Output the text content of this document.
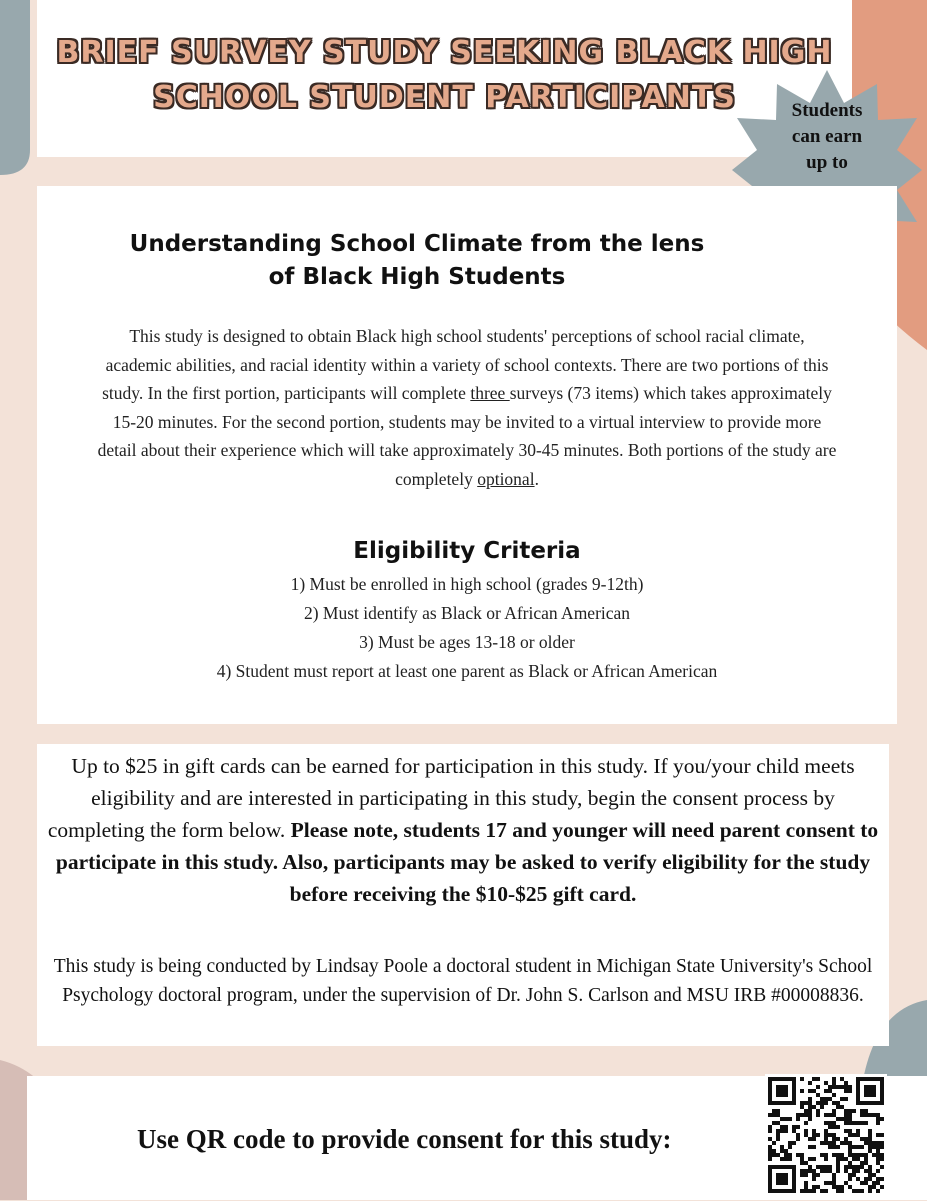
BRIEF SURVEY STUDY SEEKING BLACK HIGH
SCHOOL STUDENT PARTICIPANTS	Students
can earn
up to
Understanding School Climate from the lens
of Black High Students

This study is designed to obtain Black high school students' perceptions of school racial climate, academic abilities, and racial identity within a variety of school contexts. There are two portions of this study. In the first portion, participants will complete three surveys (73 items) which takes approximately 15-20 minutes. For the second portion, students may be invited to a virtual interview to provide more detail about their experience which will take approximately 30-45 minutes. Both portions of the study are completely optional.

Eligibility Criteria
1) Must be enrolled in high school (grades 9-12th)
2) Must identify as Black or African American
3) Must be ages 13-18 or older
4) Student must report at least one parent as Black or African American

Up to $25 in gift cards can be earned for participation in this study. If you/your child meets eligibility and are interested in participating in this study, begin the consent process by completing the form below. Please note, students 17 and younger will need parent consent to participate in this study. Also, participants may be asked to verify eligibility for the study before receiving the $10-$25 gift card.

This study is being conducted by Lindsay Poole a doctoral student in Michigan State University's School Psychology doctoral program, under the supervision of Dr. John S. Carlson and MSU IRB #00008836.

Use QR code to provide consent for this study:
